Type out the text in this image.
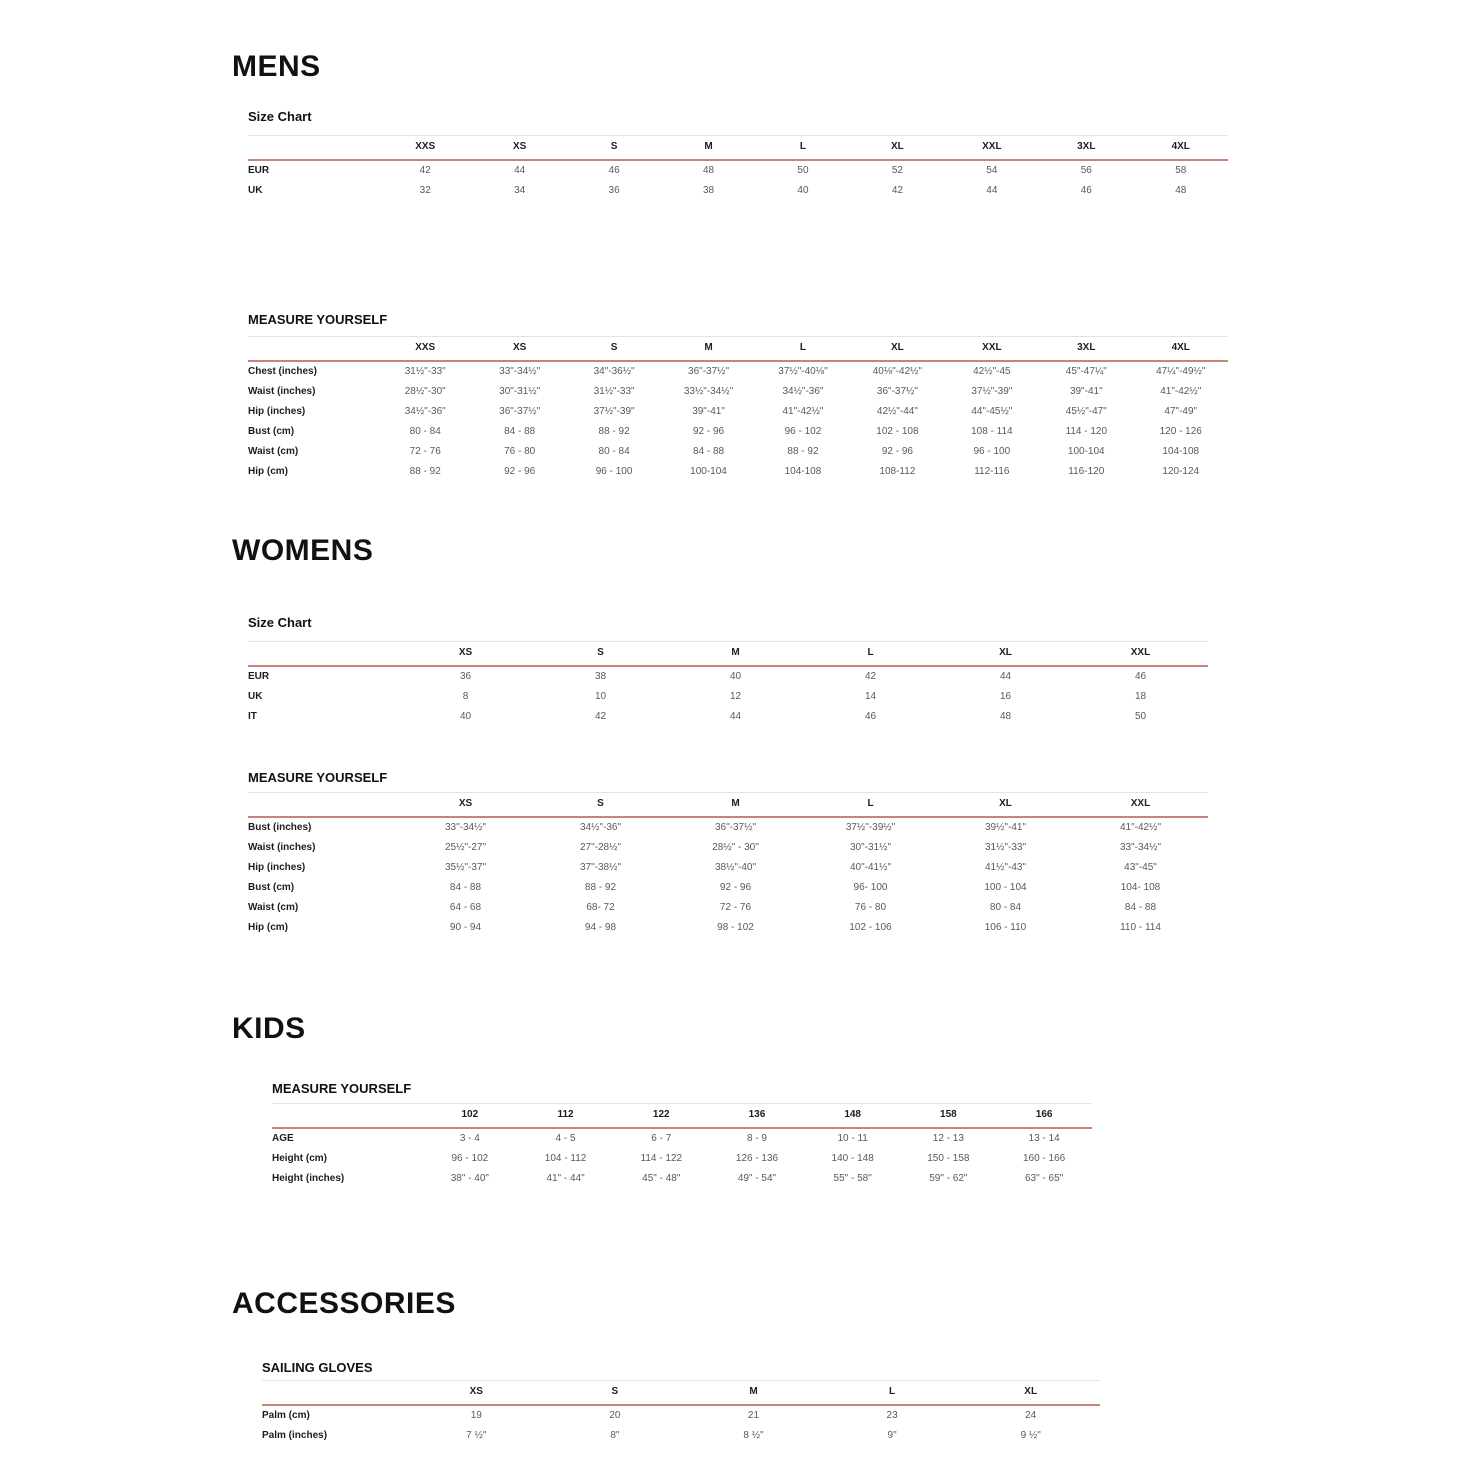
MENS
Size Chart
	XXS	XS	S	M	L	XL	XXL	3XL	4XL
EUR	42	44	46	48	50	52	54	56	58
UK	32	34	36	38	40	42	44	46	48
MEASURE YOURSELF
	XXS	XS	S	M	L	XL	XXL	3XL	4XL
Chest (inches)	31½"-33"	33"-34½"	34"-36½"	36"-37½"	37½"-40⅛"	40⅛"-42½"	42½"-45	45"-47¼"	47¼"-49½"
Waist (inches)	28½"-30"	30"-31½"	31½"-33"	33½"-34½"	34½"-36"	36"-37½"	37½"-39"	39"-41"	41"-42½"
Hip (inches)	34½"-36"	36"-37½"	37½"-39"	39"-41"	41"-42½"	42½"-44"	44"-45½"	45½"-47"	47"-49"
Bust (cm)	80 - 84	84 - 88	88 - 92	92 - 96	96 - 102	102 - 108	108 - 114	114 - 120	120 - 126
Waist (cm)	72 - 76	76 - 80	80 - 84	84 - 88	88 - 92	92 - 96	96 - 100	100-104	104-108
Hip (cm)	88 - 92	92 - 96	96 - 100	100-104	104-108	108-112	112-116	116-120	120-124
WOMENS
Size Chart
	XS	S	M	L	XL	XXL
EUR	36	38	40	42	44	46
UK	8	10	12	14	16	18
IT	40	42	44	46	48	50
MEASURE YOURSELF
	XS	S	M	L	XL	XXL
Bust (inches)	33"-34½"	34½"-36"	36"-37½"	37½"-39½"	39½"-41"	41"-42½"
Waist (inches)	25½"-27"	27"-28½"	28½" - 30"	30"-31½"	31½"-33"	33"-34½"
Hip (inches)	35½"-37"	37"-38½"	38½"-40"	40"-41½"	41½"-43"	43"-45"
Bust (cm)	84 - 88	88 - 92	92 - 96	96- 100	100 - 104	104- 108
Waist (cm)	64 - 68	68- 72	72 - 76	76 - 80	80 - 84	84 - 88
Hip (cm)	90 - 94	94 - 98	98 - 102	102 - 106	106 - 110	110 - 114
KIDS
MEASURE YOURSELF
	102	112	122	136	148	158	166
AGE	3 - 4	4 - 5	6 - 7	8 - 9	10 - 11	12 - 13	13 - 14
Height (cm)	96 - 102	104 - 112	114 - 122	126 - 136	140 - 148	150 - 158	160 - 166
Height (inches)	38" - 40"	41" - 44"	45" - 48"	49" - 54"	55" - 58"	59" - 62"	63" - 65"
ACCESSORIES
SAILING GLOVES
	XS	S	M	L	XL
Palm (cm)	19	20	21	23	24
Palm (inches)	7 ½"	8"	8 ½"	9"	9 ½"
